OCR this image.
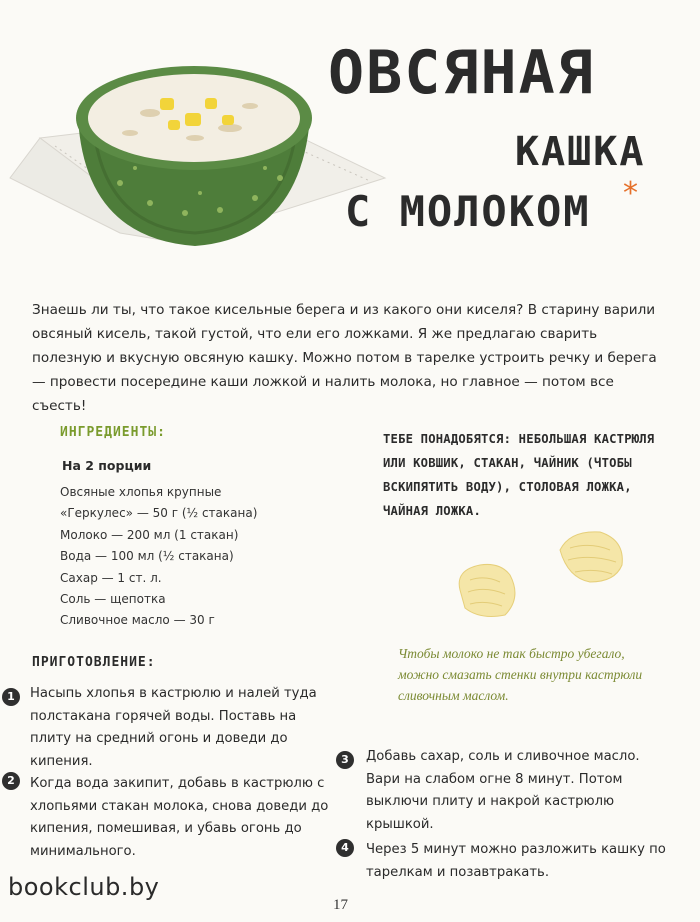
ОВСЯНАЯ
КАШКА
С МОЛОКОМ *
Знаешь ли ты, что такое кисельные берега и из какого они киселя? В старину варили овсяный кисель, такой густой, что ели его ложками. Я же предлагаю сварить полезную и вкусную овсяную кашку. Можно потом в тарелке устроить речку и берега — провести посередине каши ложкой и налить молока, но главное — потом все съесть!
ИНГРЕДИЕНТЫ:
На 2 порции
Овсяные хлопья крупные
«Геркулес» — 50 г (½ стакана)
Молоко — 200 мл (1 стакан)
Вода — 100 мл (½ стакана)
Сахар — 1 ст. л.
Соль — щепотка
Сливочное масло — 30 г
ТЕБЕ ПОНАДОБЯТСЯ: НЕБОЛЬШАЯ КАСТРЮЛЯ ИЛИ КОВШИК, СТАКАН, ЧАЙНИК (ЧТОБЫ ВСКИПЯТИТЬ ВОДУ), СТОЛОВАЯ ЛОЖКА, ЧАЙНАЯ ЛОЖКА.
Чтобы молоко не так быстро убегало, можно смазать стенки внутри кастрюли сливочным маслом.
ПРИГОТОВЛЕНИЕ:
1	Насыпь хлопья в кастрюлю и налей туда полстакана горячей воды. Поставь на плиту на средний огонь и доведи до кипения.
2	Когда вода закипит, добавь в кастрюлю с хлопьями стакан молока, снова доведи до кипения, помешивая, и убавь огонь до минимального.
3	Добавь сахар, соль и сливочное масло. Вари на слабом огне 8 минут. Потом выключи плиту и накрой кастрюлю крышкой.
4	Через 5 минут можно разложить кашку по тарелкам и позавтракать.
bookclub.by
17
